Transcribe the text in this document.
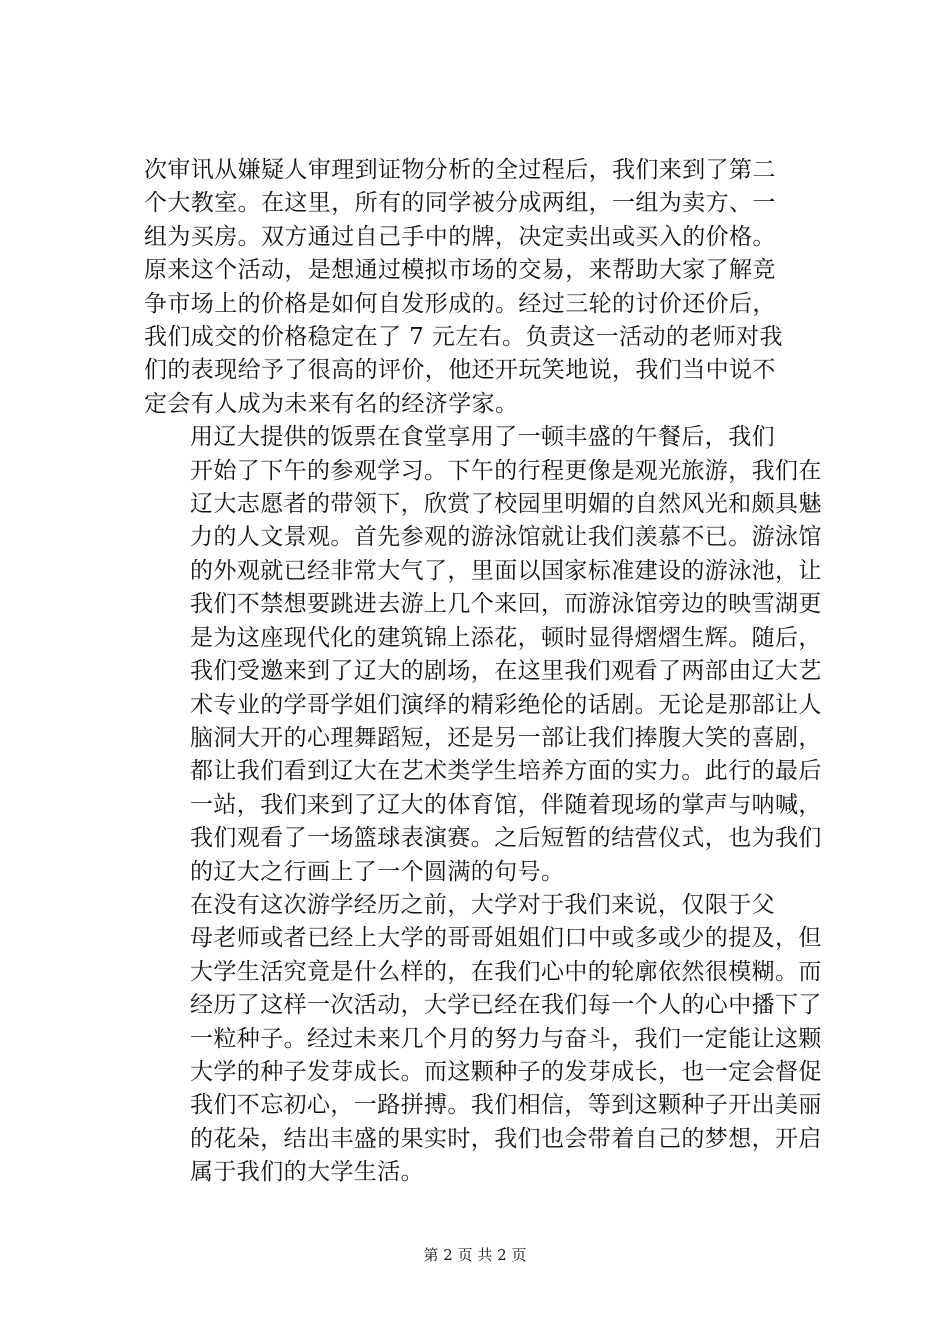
次审讯从嫌疑人审理到证物分析的全过程后，我们来到了第二
个大教室。在这里，所有的同学被分成两组，一组为卖方、一
组为买房。双方通过自己手中的牌，决定卖出或买入的价格。
原来这个活动，是想通过模拟市场的交易，来帮助大家了解竞
争市场上的价格是如何自发形成的。经过三轮的讨价还价后，
我们成交的价格稳定在了 7 元左右。负责这一活动的老师对我
们的表现给予了很高的评价，他还开玩笑地说，我们当中说不
定会有人成为未来有名的经济学家。

用辽大提供的饭票在食堂享用了一顿丰盛的午餐后，我们
开始了下午的参观学习。下午的行程更像是观光旅游，我们在
辽大志愿者的带领下，欣赏了校园里明媚的自然风光和颇具魅
力的人文景观。首先参观的游泳馆就让我们羡慕不已。游泳馆
的外观就已经非常大气了，里面以国家标准建设的游泳池，让
我们不禁想要跳进去游上几个来回，而游泳馆旁边的映雪湖更
是为这座现代化的建筑锦上添花，顿时显得熠熠生辉。随后，
我们受邀来到了辽大的剧场，在这里我们观看了两部由辽大艺
术专业的学哥学姐们演绎的精彩绝伦的话剧。无论是那部让人
脑洞大开的心理舞蹈短，还是另一部让我们捧腹大笑的喜剧，
都让我们看到辽大在艺术类学生培养方面的实力。此行的最后
一站，我们来到了辽大的体育馆，伴随着现场的掌声与呐喊，
我们观看了一场篮球表演赛。之后短暂的结营仪式，也为我们
的辽大之行画上了一个圆满的句号。

在没有这次游学经历之前，大学对于我们来说，仅限于父
母老师或者已经上大学的哥哥姐姐们口中或多或少的提及，但
大学生活究竟是什么样的，在我们心中的轮廓依然很模糊。而
经历了这样一次活动，大学已经在我们每一个人的心中播下了
一粒种子。经过未来几个月的努力与奋斗，我们一定能让这颗
大学的种子发芽成长。而这颗种子的发芽成长，也一定会督促
我们不忘初心，一路拼搏。我们相信，等到这颗种子开出美丽
的花朵，结出丰盛的果实时，我们也会带着自己的梦想，开启
属于我们的大学生活。

第 2 页 共 2 页
